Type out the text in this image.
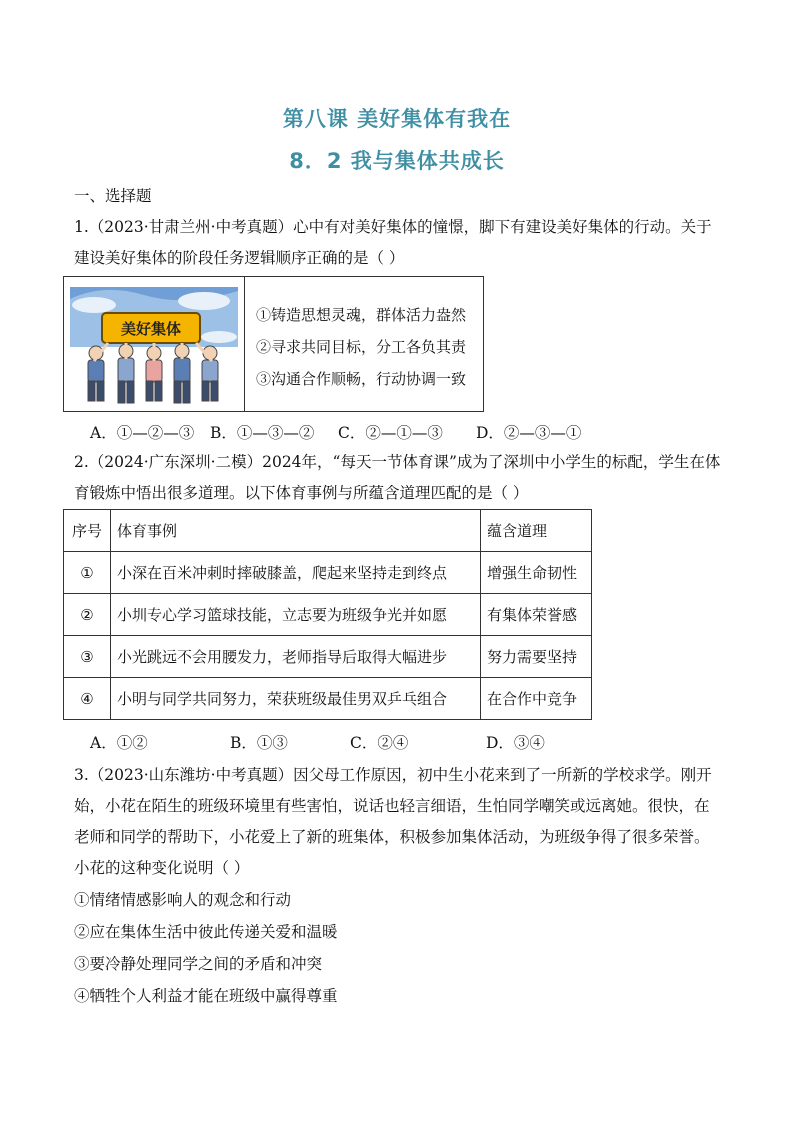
第八课 美好集体有我在
8．2 我与集体共成长
一、选择题
1.（2023·甘肃兰州·中考真题）心中有对美好集体的憧憬，脚下有建设美好集体的行动。关于
建设美好集体的阶段任务逻辑顺序正确的是（ ）
美好集体
①铸造思想灵魂，群体活力盎然
②寻求共同目标，分工各负其责
③沟通合作顺畅，行动协调一致
A．①—②—③ B．①—③—② C．②—①—③ D．②—③—①
2.（2024·广东深圳·二模）2024年，“每天一节体育课”成为了深圳中小学生的标配，学生在体
育锻炼中悟出很多道理。以下体育事例与所蕴含道理匹配的是（ ）
序号	体育事例	蕴含道理
①	小深在百米冲刺时摔破膝盖，爬起来坚持走到终点	增强生命韧性
②	小圳专心学习篮球技能，立志要为班级争光并如愿	有集体荣誉感
③	小光跳远不会用腰发力，老师指导后取得大幅进步	努力需要坚持
④	小明与同学共同努力，荣获班级最佳男双乒乓组合	在合作中竞争
A．①②	B．①③	C．②④	D．③④
3.（2023·山东潍坊·中考真题）因父母工作原因，初中生小花来到了一所新的学校求学。刚开
始，小花在陌生的班级环境里有些害怕，说话也轻言细语，生怕同学嘲笑或远离她。很快，在
老师和同学的帮助下，小花爱上了新的班集体，积极参加集体活动，为班级争得了很多荣誉。
小花的这种变化说明（ ）
①情绪情感影响人的观念和行动
②应在集体生活中彼此传递关爱和温暖
③要冷静处理同学之间的矛盾和冲突
④牺牲个人利益才能在班级中赢得尊重
